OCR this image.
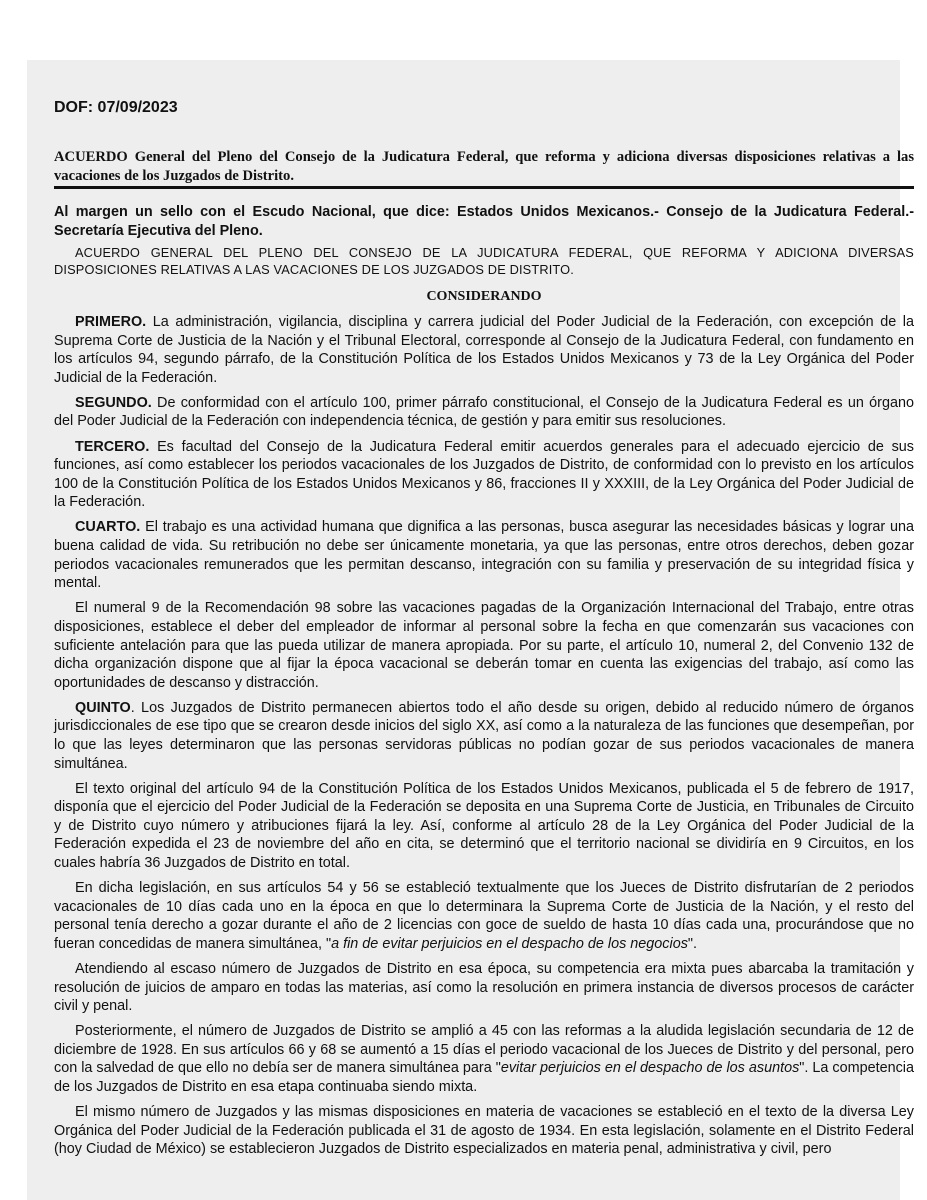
DOF: 07/09/2023
ACUERDO General del Pleno del Consejo de la Judicatura Federal, que reforma y adiciona diversas disposiciones relativas a las vacaciones de los Juzgados de Distrito.
Al margen un sello con el Escudo Nacional, que dice: Estados Unidos Mexicanos.- Consejo de la Judicatura Federal.- Secretaría Ejecutiva del Pleno.
ACUERDO GENERAL DEL PLENO DEL CONSEJO DE LA JUDICATURA FEDERAL, QUE REFORMA Y ADICIONA DIVERSAS DISPOSICIONES RELATIVAS A LAS VACACIONES DE LOS JUZGADOS DE DISTRITO.
CONSIDERANDO

PRIMERO. La administración, vigilancia, disciplina y carrera judicial del Poder Judicial de la Federación, con excepción de la Suprema Corte de Justicia de la Nación y el Tribunal Electoral, corresponde al Consejo de la Judicatura Federal, con fundamento en los artículos 94, segundo párrafo, de la Constitución Política de los Estados Unidos Mexicanos y 73 de la Ley Orgánica del Poder Judicial de la Federación.

SEGUNDO. De conformidad con el artículo 100, primer párrafo constitucional, el Consejo de la Judicatura Federal es un órgano del Poder Judicial de la Federación con independencia técnica, de gestión y para emitir sus resoluciones.

TERCERO. Es facultad del Consejo de la Judicatura Federal emitir acuerdos generales para el adecuado ejercicio de sus funciones, así como establecer los periodos vacacionales de los Juzgados de Distrito, de conformidad con lo previsto en los artículos 100 de la Constitución Política de los Estados Unidos Mexicanos y 86, fracciones II y XXXIII, de la Ley Orgánica del Poder Judicial de la Federación.

CUARTO. El trabajo es una actividad humana que dignifica a las personas, busca asegurar las necesidades básicas y lograr una buena calidad de vida. Su retribución no debe ser únicamente monetaria, ya que las personas, entre otros derechos, deben gozar periodos vacacionales remunerados que les permitan descanso, integración con su familia y preservación de su integridad física y mental.

El numeral 9 de la Recomendación 98 sobre las vacaciones pagadas de la Organización Internacional del Trabajo, entre otras disposiciones, establece el deber del empleador de informar al personal sobre la fecha en que comenzarán sus vacaciones con suficiente antelación para que las pueda utilizar de manera apropiada. Por su parte, el artículo 10, numeral 2, del Convenio 132 de dicha organización dispone que al fijar la época vacacional se deberán tomar en cuenta las exigencias del trabajo, así como las oportunidades de descanso y distracción.

QUINTO. Los Juzgados de Distrito permanecen abiertos todo el año desde su origen, debido al reducido número de órganos jurisdiccionales de ese tipo que se crearon desde inicios del siglo XX, así como a la naturaleza de las funciones que desempeñan, por lo que las leyes determinaron que las personas servidoras públicas no podían gozar de sus periodos vacacionales de manera simultánea.

El texto original del artículo 94 de la Constitución Política de los Estados Unidos Mexicanos, publicada el 5 de febrero de 1917, disponía que el ejercicio del Poder Judicial de la Federación se deposita en una Suprema Corte de Justicia, en Tribunales de Circuito y de Distrito cuyo número y atribuciones fijará la ley. Así, conforme al artículo 28 de la Ley Orgánica del Poder Judicial de la Federación expedida el 23 de noviembre del año en cita, se determinó que el territorio nacional se dividiría en 9 Circuitos, en los cuales habría 36 Juzgados de Distrito en total.

En dicha legislación, en sus artículos 54 y 56 se estableció textualmente que los Jueces de Distrito disfrutarían de 2 periodos vacacionales de 10 días cada uno en la época en que lo determinara la Suprema Corte de Justicia de la Nación, y el resto del personal tenía derecho a gozar durante el año de 2 licencias con goce de sueldo de hasta 10 días cada una, procurándose que no fueran concedidas de manera simultánea, "a fin de evitar perjuicios en el despacho de los negocios".

Atendiendo al escaso número de Juzgados de Distrito en esa época, su competencia era mixta pues abarcaba la tramitación y resolución de juicios de amparo en todas las materias, así como la resolución en primera instancia de diversos procesos de carácter civil y penal.

Posteriormente, el número de Juzgados de Distrito se amplió a 45 con las reformas a la aludida legislación secundaria de 12 de diciembre de 1928. En sus artículos 66 y 68 se aumentó a 15 días el periodo vacacional de los Jueces de Distrito y del personal, pero con la salvedad de que ello no debía ser de manera simultánea para "evitar perjuicios en el despacho de los asuntos". La competencia de los Juzgados de Distrito en esa etapa continuaba siendo mixta.

El mismo número de Juzgados y las mismas disposiciones en materia de vacaciones se estableció en el texto de la diversa Ley Orgánica del Poder Judicial de la Federación publicada el 31 de agosto de 1934. En esta legislación, solamente en el Distrito Federal (hoy Ciudad de México) se establecieron Juzgados de Distrito especializados en materia penal, administrativa y civil, pero
